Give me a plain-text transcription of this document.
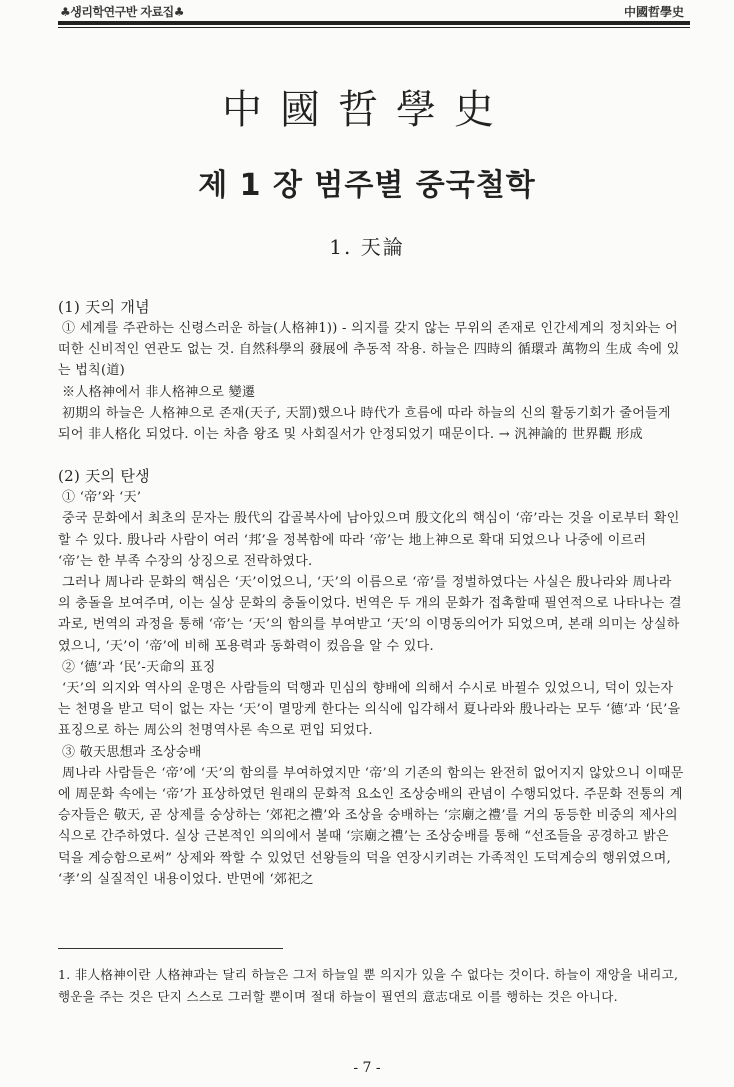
♣생리학연구반 자료집♣	中國哲學史
中國哲學史
제 1 장 범주별 중국철학
1. 天論

(1) 天의 개념

① 세계를 주관하는 신령스러운 하늘(人格神1)) - 의지를 갖지 않는 무위의 존재로 인간세계의 정치와는 어떠한 신비적인 연관도 없는 것. 自然科學의 發展에 추동적 작용. 하늘은 四時의 循環과 萬物의 生成 속에 있는 법칙(道)

※人格神에서 非人格神으로 變遷

初期의 하늘은 人格神으로 존재(天子, 天罰)했으나 時代가 흐름에 따라 하늘의 신의 활동기회가 줄어들게 되어 非人格化 되었다. 이는 차츰 왕조 및 사회질서가 안정되었기 때문이다. → 汎神論的 世界觀 形成

(2) 天의 탄생

① ‘帝’와 ‘天’

중국 문화에서 최초의 문자는 殷代의 갑골복사에 남아있으며 殷文化의 핵심이 ‘帝’라는 것을 이로부터 확인할 수 있다. 殷나라 사람이 여러 ‘邦’을 정복함에 따라 ‘帝’는 地上神으로 확대 되었으나 나중에 이르러 ‘帝’는 한 부족 수장의 상징으로 전락하였다.

그러나 周나라 문화의 핵심은 ‘天’이었으니, ‘天’의 이름으로 ‘帝’를 정벌하였다는 사실은 殷나라와 周나라의 충돌을 보여주며, 이는 실상 문화의 충돌이었다. 번역은 두 개의 문화가 접촉할때 필연적으로 나타나는 결과로, 번역의 과정을 통해 ‘帝’는 ‘天’의 함의를 부여받고 ‘天’의 이명동의어가 되었으며, 본래 의미는 상실하였으니, ‘天’이 ‘帝’에 비해 포용력과 동화력이 컸음을 알 수 있다.

② ‘德’과 ‘民’-天命의 표징

‘天’의 의지와 역사의 운명은 사람들의 덕행과 민심의 향배에 의해서 수시로 바뀔수 있었으니, 덕이 있는자는 천명을 받고 덕이 없는 자는 ‘天’이 멸망케 한다는 의식에 입각해서 夏나라와 殷나라는 모두 ‘德’과 ‘民’을 표징으로 하는 周公의 천명역사론 속으로 편입 되었다.

③ 敬天思想과 조상숭배

周나라 사람들은 ‘帝’에 ‘天’의 함의를 부여하였지만 ‘帝’의 기존의 함의는 완전히 없어지지 않았으니 이때문에 周문화 속에는 ‘帝’가 표상하였던 원래의 문화적 요소인 조상숭배의 관념이 수행되었다. 주문화 전통의 계승자들은 敬天, 곧 상제를 숭상하는 ‘郊祀之禮’와 조상을 숭배하는 ‘宗廟之禮’를 거의 동등한 비중의 제사의식으로 간주하였다. 실상 근본적인 의의에서 볼때 ‘宗廟之禮’는 조상숭배를 통해 “선조들을 공경하고 밝은 덕을 계승함으로써” 상제와 짝할 수 있었던 선왕들의 덕을 연장시키려는 가족적인 도덕계승의 행위였으며, ‘孝’의 실질적인 내용이었다. 반면에 ‘郊祀之

1. 非人格神이란 人格神과는 달리 하늘은 그저 하늘일 뿐 의지가 있을 수 없다는 것이다. 하늘이 재앙을 내리고, 행운을 주는 것은 단지 스스로 그러할 뿐이며 절대 하늘이 필연의 意志대로 이를 행하는 것은 아니다.
- 7 -
